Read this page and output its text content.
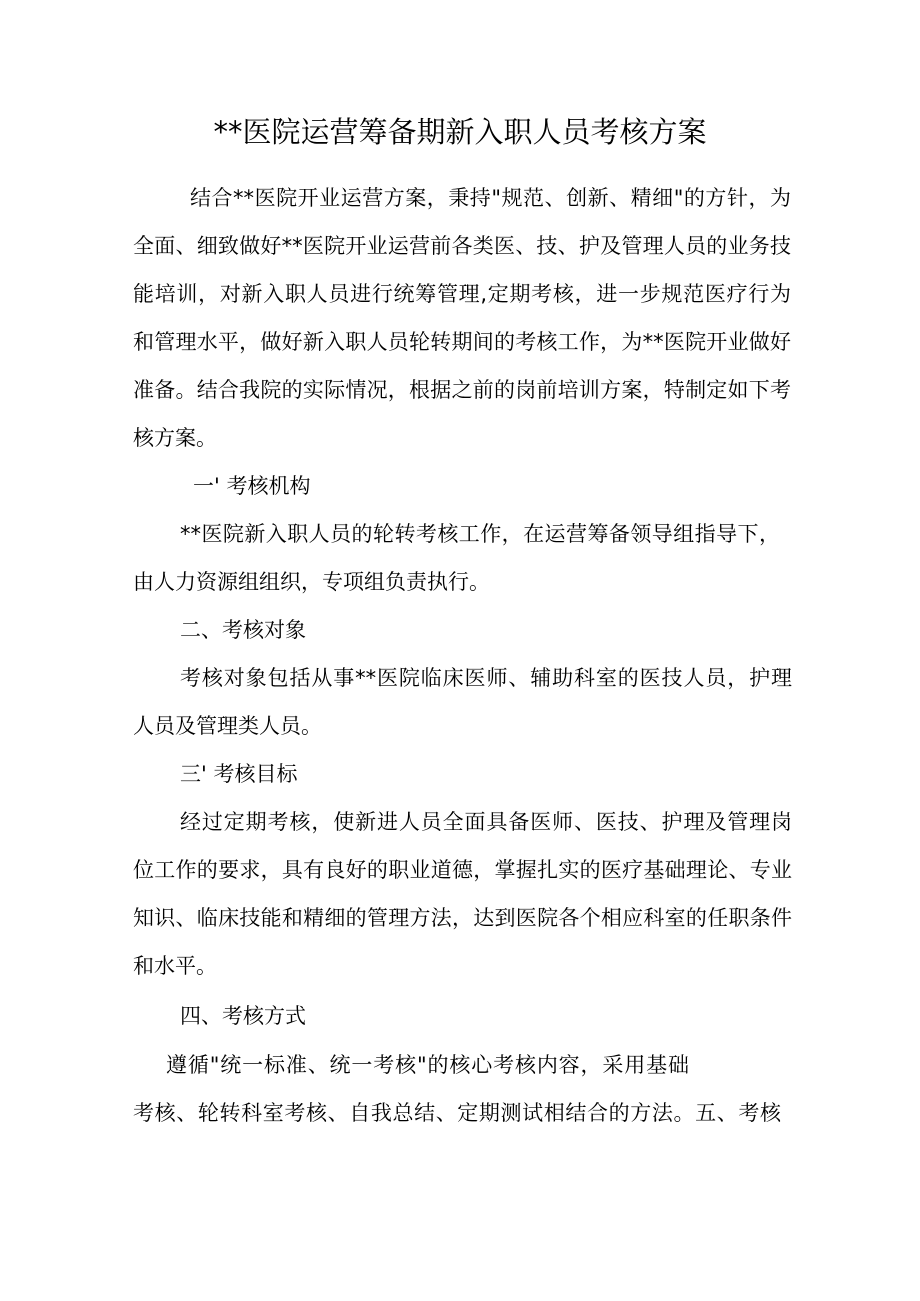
**医院运营筹备期新入职人员考核方案
结合**医院开业运营方案，秉持"规范、创新、精细"的方针，为
全面、细致做好**医院开业运营前各类医、技、护及管理人员的业务技
能培训，对新入职人员进行统筹管理,定期考核，进一步规范医疗行为
和管理水平，做好新入职人员轮转期间的考核工作，为**医院开业做好
准备。结合我院的实际情况，根据之前的岗前培训方案，特制定如下考
核方案。
一' 考核机构
**医院新入职人员的轮转考核工作，在运营筹备领导组指导下，
由人力资源组组织，专项组负责执行。
二、考核对象
考核对象包括从事**医院临床医师、辅助科室的医技人员，护理
人员及管理类人员。
三' 考核目标
经过定期考核，使新进人员全面具备医师、医技、护理及管理岗
位工作的要求，具有良好的职业道德，掌握扎实的医疗基础理论、专业
知识、临床技能和精细的管理方法，达到医院各个相应科室的任职条件
和水平。
四、考核方式
遵循"统一标准、统一考核"的核心考核内容，采用基础
考核、轮转科室考核、自我总结、定期测试相结合的方法。五、考核
